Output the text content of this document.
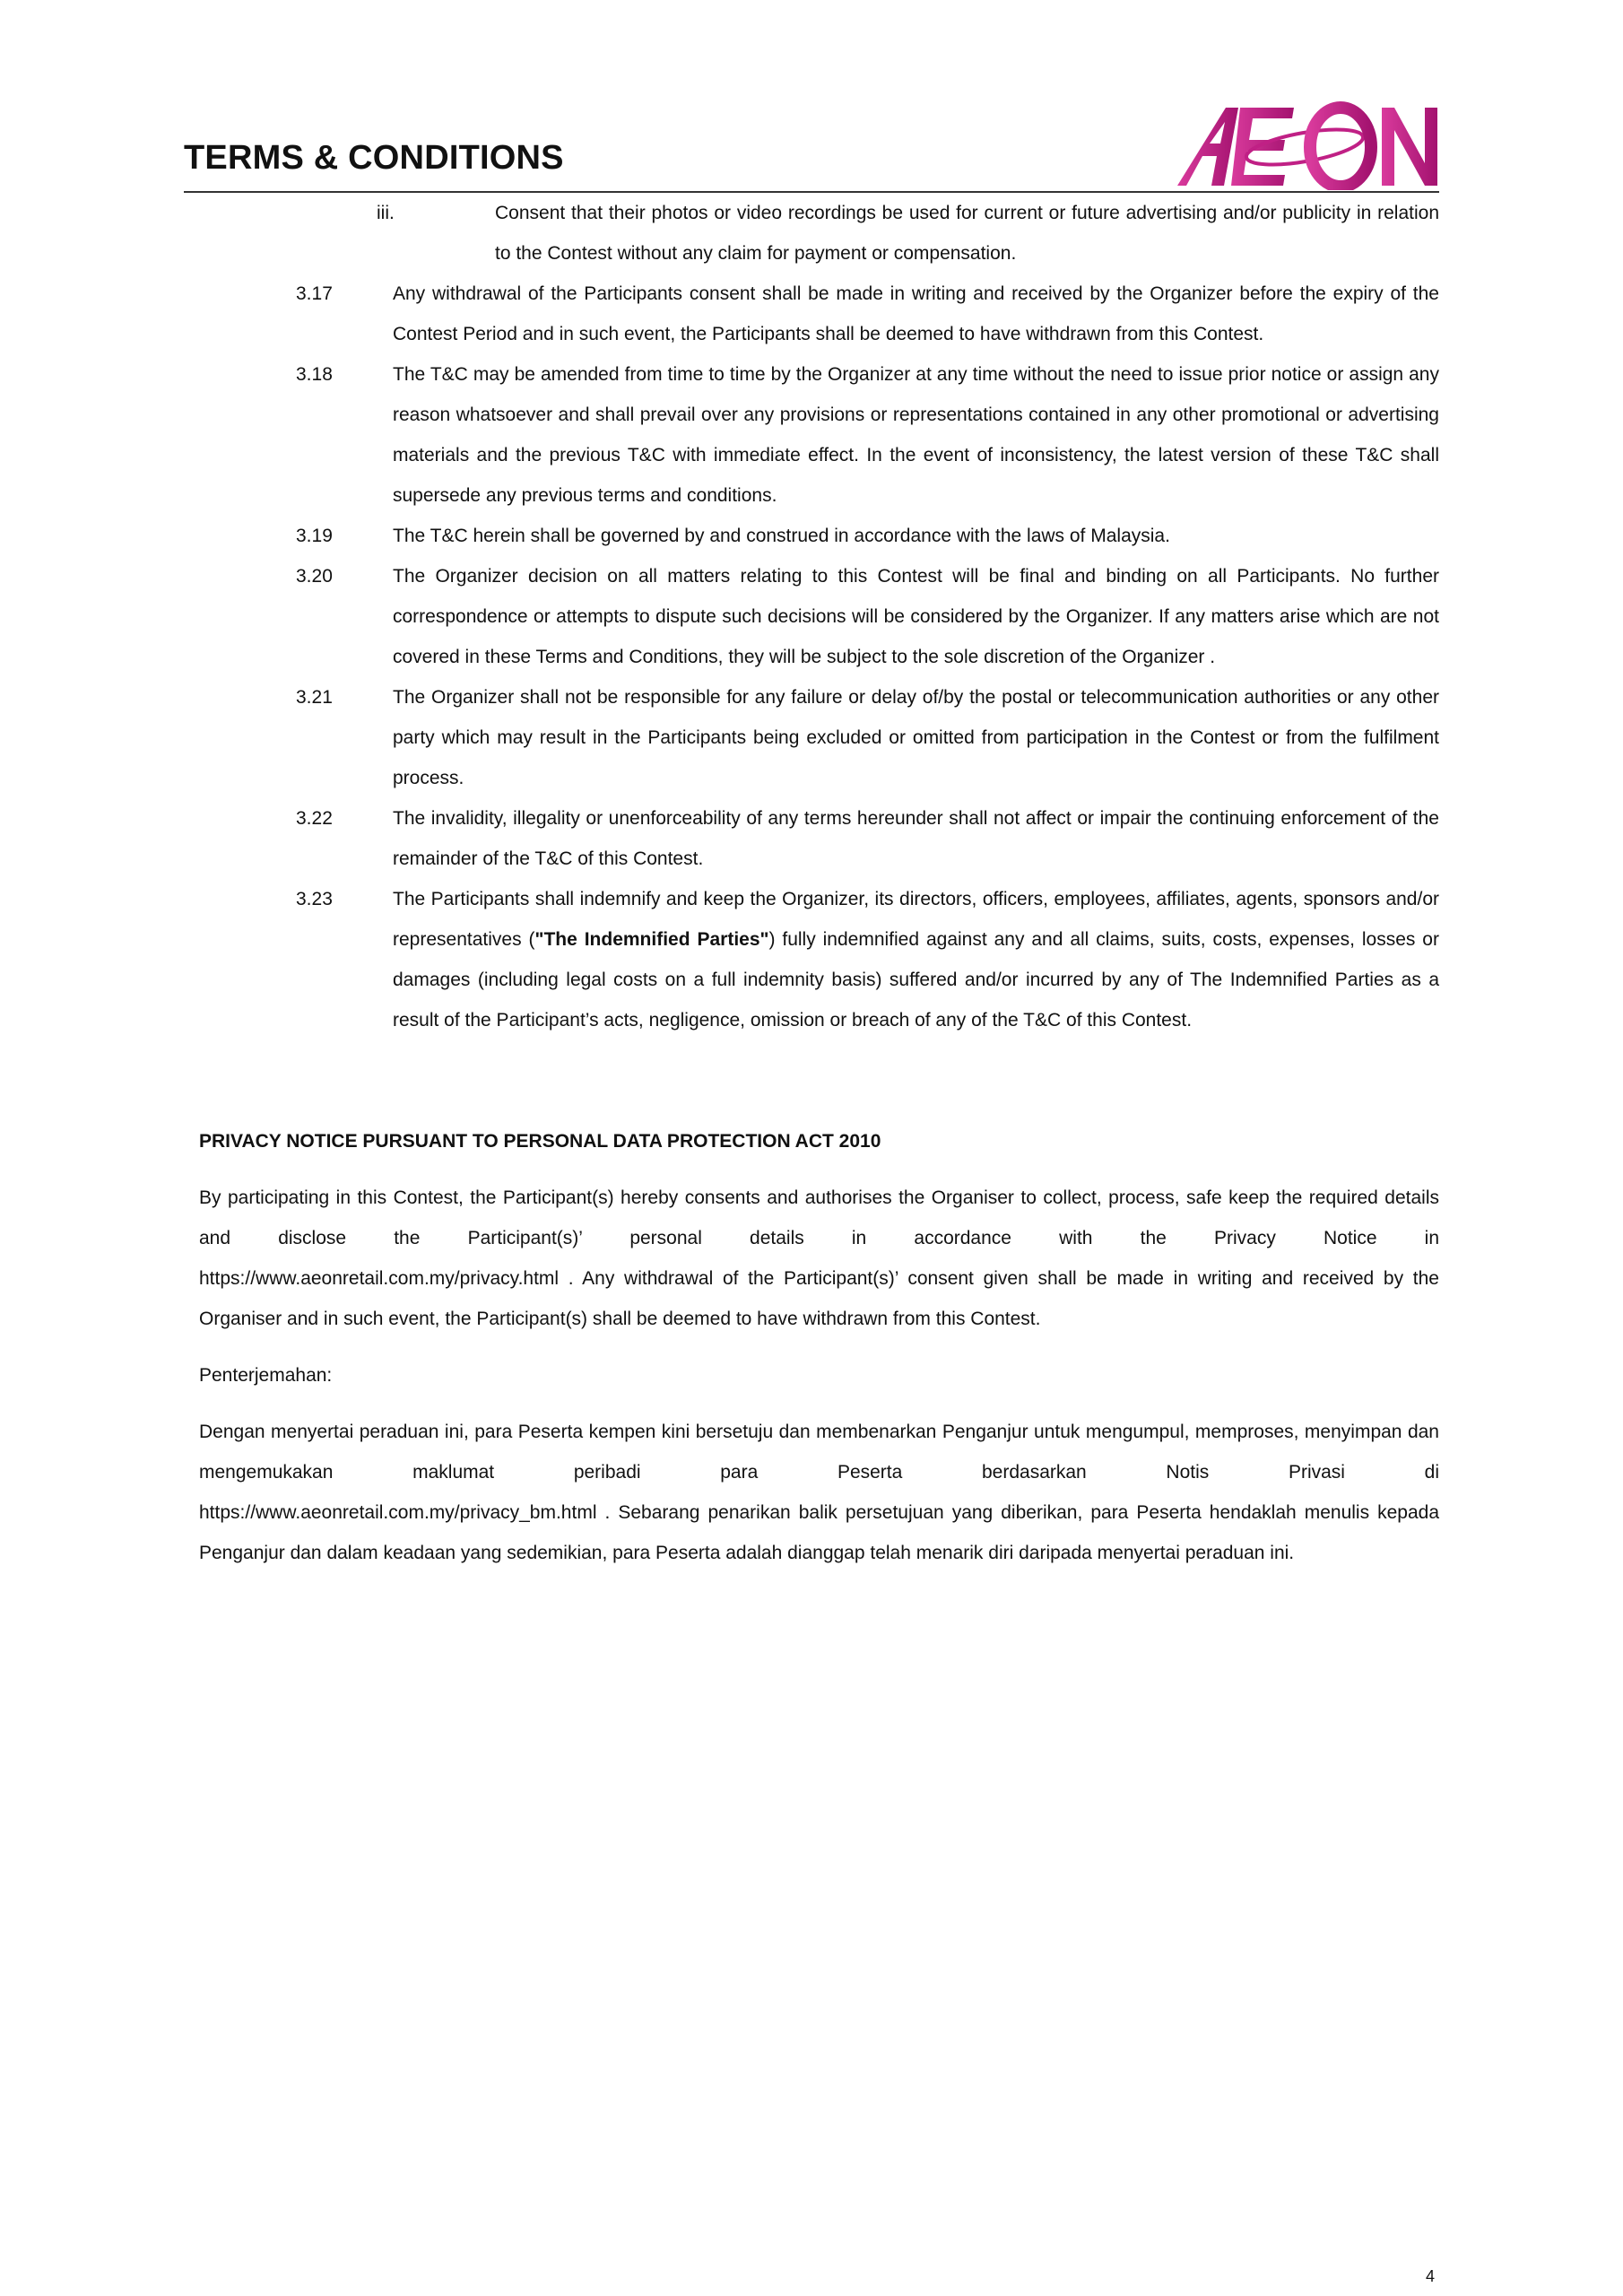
TERMS & CONDITIONS
iii.	Consent that their photos or video recordings be used for current or future advertising and/or publicity in relation to the Contest without any claim for payment or compensation.
3.17	Any withdrawal of the Participants consent shall be made in writing and received by the Organizer before the expiry of the Contest Period and in such event, the Participants shall be deemed to have withdrawn from this Contest.
3.18	The T&C may be amended from time to time by the Organizer at any time without the need to issue prior notice or assign any reason whatsoever and shall prevail over any provisions or representations contained in any other promotional or advertising materials and the previous T&C with immediate effect. In the event of inconsistency, the latest version of these T&C shall supersede any previous terms and conditions.
3.19	The T&C herein shall be governed by and construed in accordance with the laws of Malaysia.
3.20	The Organizer decision on all matters relating to this Contest will be final and binding on all Participants. No further correspondence or attempts to dispute such decisions will be considered by the Organizer. If any matters arise which are not covered in these Terms and Conditions, they will be subject to the sole discretion of the Organizer .
3.21	The Organizer shall not be responsible for any failure or delay of/by the postal or telecommunication authorities or any other party which may result in the Participants being excluded or omitted from participation in the Contest or from the fulfilment process.
3.22	The invalidity, illegality or unenforceability of any terms hereunder shall not affect or impair the continuing enforcement of the remainder of the T&C of this Contest.
3.23	The Participants shall indemnify and keep the Organizer, its directors, officers, employees, affiliates, agents, sponsors and/or representatives ("The Indemnified Parties") fully indemnified against any and all claims, suits, costs, expenses, losses or damages (including legal costs on a full indemnity basis) suffered and/or incurred by any of The Indemnified Parties as a result of the Participant’s acts, negligence, omission or breach of any of the T&C of this Contest.

PRIVACY NOTICE PURSUANT TO PERSONAL DATA PROTECTION ACT 2010

By participating in this Contest, the Participant(s) hereby consents and authorises the Organiser to collect, process, safe keep the required details and disclose the Participant(s)’ personal details in accordance with the Privacy Notice in

https://www.aeonretail.com.my/privacy.html . Any withdrawal of the Participant(s)’ consent given shall be made in writing and received by the Organiser and in such event, the Participant(s) shall be deemed to have withdrawn from this Contest.

Penterjemahan:

Dengan menyertai peraduan ini, para Peserta kempen kini bersetuju dan membenarkan Penganjur untuk mengumpul, memproses, menyimpan dan mengemukakan maklumat peribadi para Peserta berdasarkan Notis Privasi di

https://www.aeonretail.com.my/privacy_bm.html . Sebarang penarikan balik persetujuan yang diberikan, para Peserta hendaklah menulis kepada Penganjur dan dalam keadaan yang sedemikian, para Peserta adalah dianggap telah menarik diri daripada menyertai peraduan ini.

4
